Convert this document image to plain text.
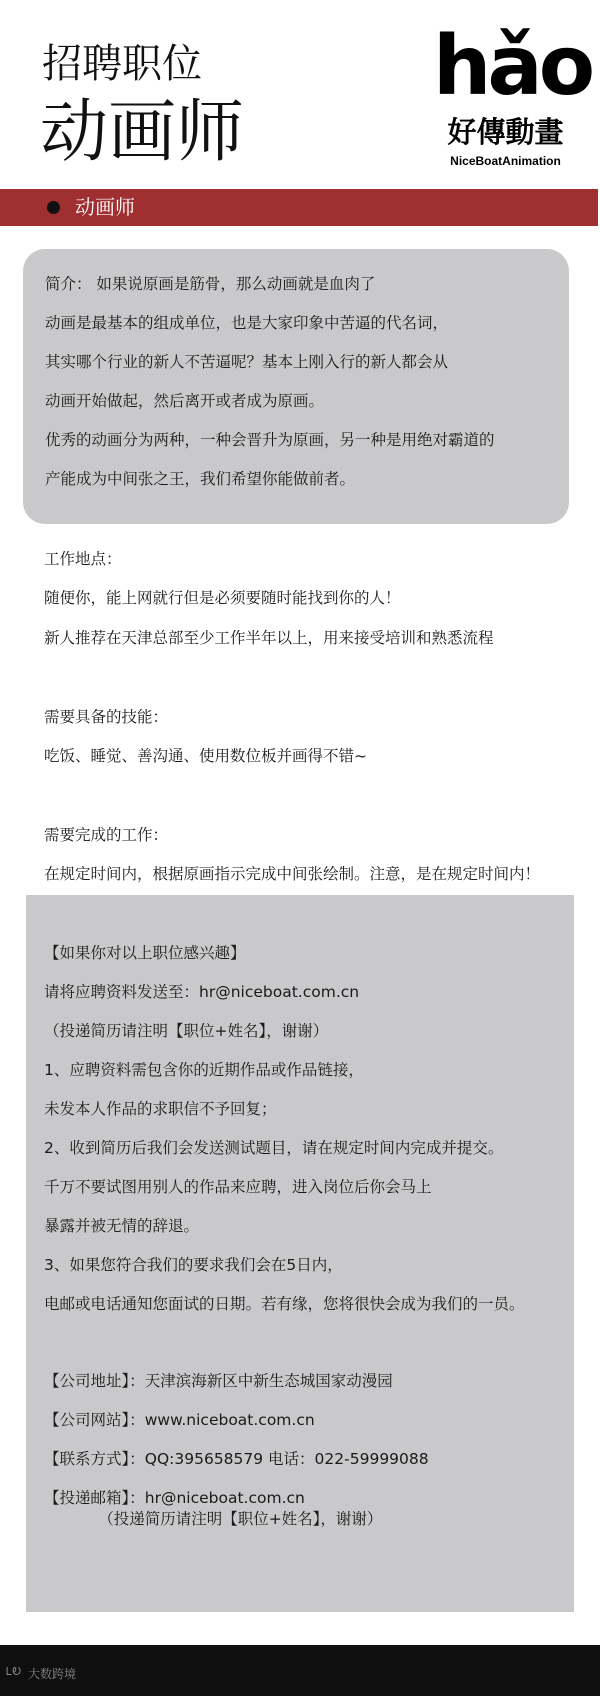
招聘职位
动画师
hǎo
好傳動畫
NiceBoatAnimation
动画师
简介： 如果说原画是筋骨，那么动画就是血肉了
动画是最基本的组成单位，也是大家印象中苦逼的代名词，
其实哪个行业的新人不苦逼呢？基本上刚入行的新人都会从
动画开始做起，然后离开或者成为原画。
优秀的动画分为两种，一种会晋升为原画，另一种是用绝对霸道的
产能成为中间张之王，我们希望你能做前者。
工作地点：
随便你，能上网就行但是必须要随时能找到你的人！
新人推荐在天津总部至少工作半年以上，用来接受培训和熟悉流程
需要具备的技能：
吃饭、睡觉、善沟通、使用数位板并画得不错~
需要完成的工作：
在规定时间内，根据原画指示完成中间张绘制。注意，是在规定时间内！
【如果你对以上职位感兴趣】
请将应聘资料发送至：hr@niceboat.com.cn
（投递简历请注明【职位+姓名】，谢谢）
1、应聘资料需包含你的近期作品或作品链接，
未发本人作品的求职信不予回复；
2、收到简历后我们会发送测试题目，请在规定时间内完成并提交。
千万不要试图用别人的作品来应聘，进入岗位后你会马上
暴露并被无情的辞退。
3、如果您符合我们的要求我们会在5日内，
电邮或电话通知您面试的日期。若有缘，您将很快会成为我们的一员。
【公司地址】：天津滨海新区中新生态城国家动漫园
【公司网站】：www.niceboat.com.cn
【联系方式】：QQ:395658579 电话：022-59999088
【投递邮箱】：hr@niceboat.com.cn
（投递简历请注明【职位+姓名】，谢谢）
ᏞᎧ 大数跨境
